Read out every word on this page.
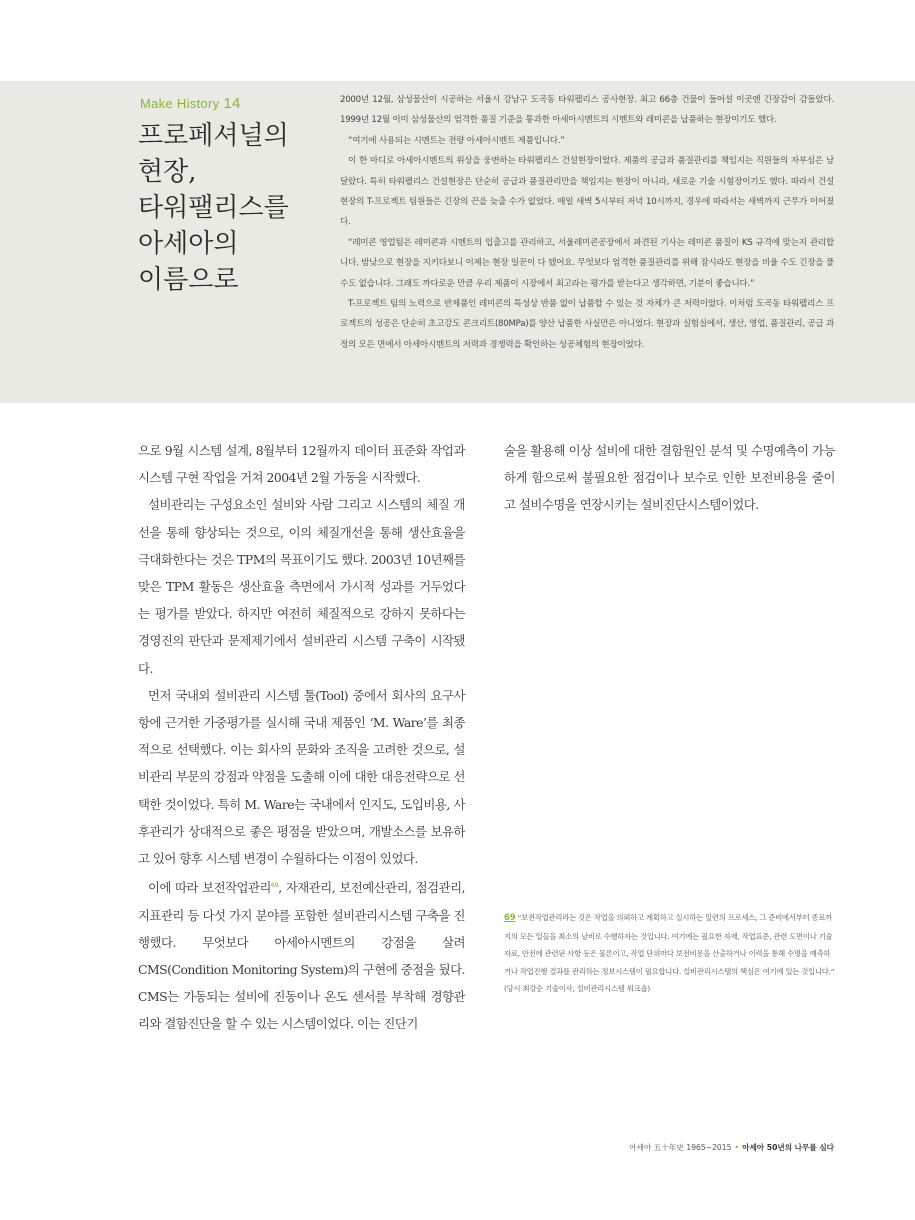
Make History 14
프로페셔널의
현장,
타워팰리스를
아세아의
이름으로

2000년 12월, 삼성물산이 시공하는 서울시 강남구 도곡동 타워팰리스 공사현장. 최고 66층 건물이 들어설 이곳엔 긴장감이 감돌았다. 1999년 12월 이미 삼성물산의 엄격한 품질 기준을 통과한 아세아시멘트의 시멘트와 레미콘을 납품하는 현장이기도 했다.

“여기에 사용되는 시멘트는 전량 아세아시멘트 제품입니다.”

이 한 마디로 아세아시멘트의 위상을 웅변하는 타워팰리스 건설현장이었다. 제품의 공급과 품질관리를 책임지는 직원들의 자부심은 남달랐다. 특히 타워팰리스 건설현장은 단순히 공급과 품질관리만을 책임지는 현장이 아니라, 새로운 기술 시험장이기도 했다. 따라서 건설현장의 T-프로젝트 팀원들은 긴장의 끈을 늦출 수가 없었다. 매일 새벽 5시부터 저녁 10시까지, 경우에 따라서는 새벽까지 근무가 이어졌다.

“레미콘 영업팀은 레미콘과 시멘트의 입출고를 관리하고, 서울레미콘공장에서 파견된 기사는 레미콘 품질이 KS 규격에 맞는지 관리합니다. 밤낮으로 현장을 지키다보니 이제는 현장 일꾼이 다 됐어요. 무엇보다 엄격한 품질관리를 위해 잠시라도 현장을 비울 수도 긴장을 풀 수도 없습니다. 그래도 까다로운 만큼 우리 제품이 시장에서 최고라는 평가를 받는다고 생각하면, 기분이 좋습니다.”

T-프로젝트 팀의 노력으로 반제품인 레미콘의 특성상 반품 없이 납품할 수 있는 것 자체가 큰 저력이었다. 이처럼 도곡동 타워팰리스 프로젝트의 성공은 단순히 초고강도 콘크리트(80MPa)를 양산 납품한 사실만은 아니었다. 현장과 실험실에서, 생산, 영업, 품질관리, 공급 과정의 모든 면에서 아세아시멘트의 저력과 경쟁력을 확인하는 성공체험의 현장이었다.

으로 9월 시스템 설계, 8월부터 12월까지 데이터 표준화 작업과 시스템 구현 작업을 거쳐 2004년 2월 가동을 시작했다.

설비관리는 구성요소인 설비와 사람 그리고 시스템의 체질 개선을 통해 향상되는 것으로, 이의 체질개선을 통해 생산효율을 극대화한다는 것은 TPM의 목표이기도 했다. 2003년 10년째를 맞은 TPM 활동은 생산효율 측면에서 가시적 성과를 거두었다는 평가를 받았다. 하지만 여전히 체질적으로 강하지 못하다는 경영진의 판단과 문제제기에서 설비관리 시스템 구축이 시작됐다.

먼저 국내외 설비관리 시스템 툴(Tool) 중에서 회사의 요구사항에 근거한 가중평가를 실시해 국내 제품인 ‘M. Ware’를 최종적으로 선택했다. 이는 회사의 문화와 조직을 고려한 것으로, 설비관리 부문의 강점과 약점을 도출해 이에 대한 대응전략으로 선택한 것이었다. 특히 M. Ware는 국내에서 인지도, 도입비용, 사후관리가 상대적으로 좋은 평점을 받았으며, 개발소스를 보유하고 있어 향후 시스템 변경이 수월하다는 이점이 있었다.

이에 따라 보전작업관리$^{69}$, 자재관리, 보전예산관리, 점검관리, 지표관리 등 다섯 가지 분야를 포함한 설비관리시스템 구축을 진행했다. 무엇보다 아세아시멘트의 강점을 살려 CMS(Condition Monitoring System)의 구현에 중점을 뒀다. CMS는 가동되는 설비에 진동이나 온도 센서를 부착해 경향관리와 결함진단을 할 수 있는 시스템이었다. 이는 진단기

술을 활용해 이상 설비에 대한 결함원인 분석 및 수명예측이 가능하게 함으로써 불필요한 점검이나 보수로 인한 보전비용을 줄이고 설비수명을 연장시키는 설비진단시스템이었다.

69 “보전작업관리라는 것은 작업을 의뢰하고 계획하고 실시하는 일련의 프로세스, 그 준비에서부터 종료까지의 모든 일들을 최소의 낭비로 수행하자는 것입니다. 여기에는 필요한 자재, 작업표준, 관련 도면이나 기술자료, 안전에 관련된 사항 등은 물론이고, 작업 단위마다 보전비용을 산출하거나 이력을 통해 수명을 예측하거나 작업진행 결과를 관리하는 정보시스템이 필요합니다. 설비관리시스템의 핵심은 여기에 있는 것입니다.” (당시 최강순 기술이사, 설비관리시스템 워크숍)

아세아 五十年史 1965~2015 • 아세아 50년의 나무를 심다
